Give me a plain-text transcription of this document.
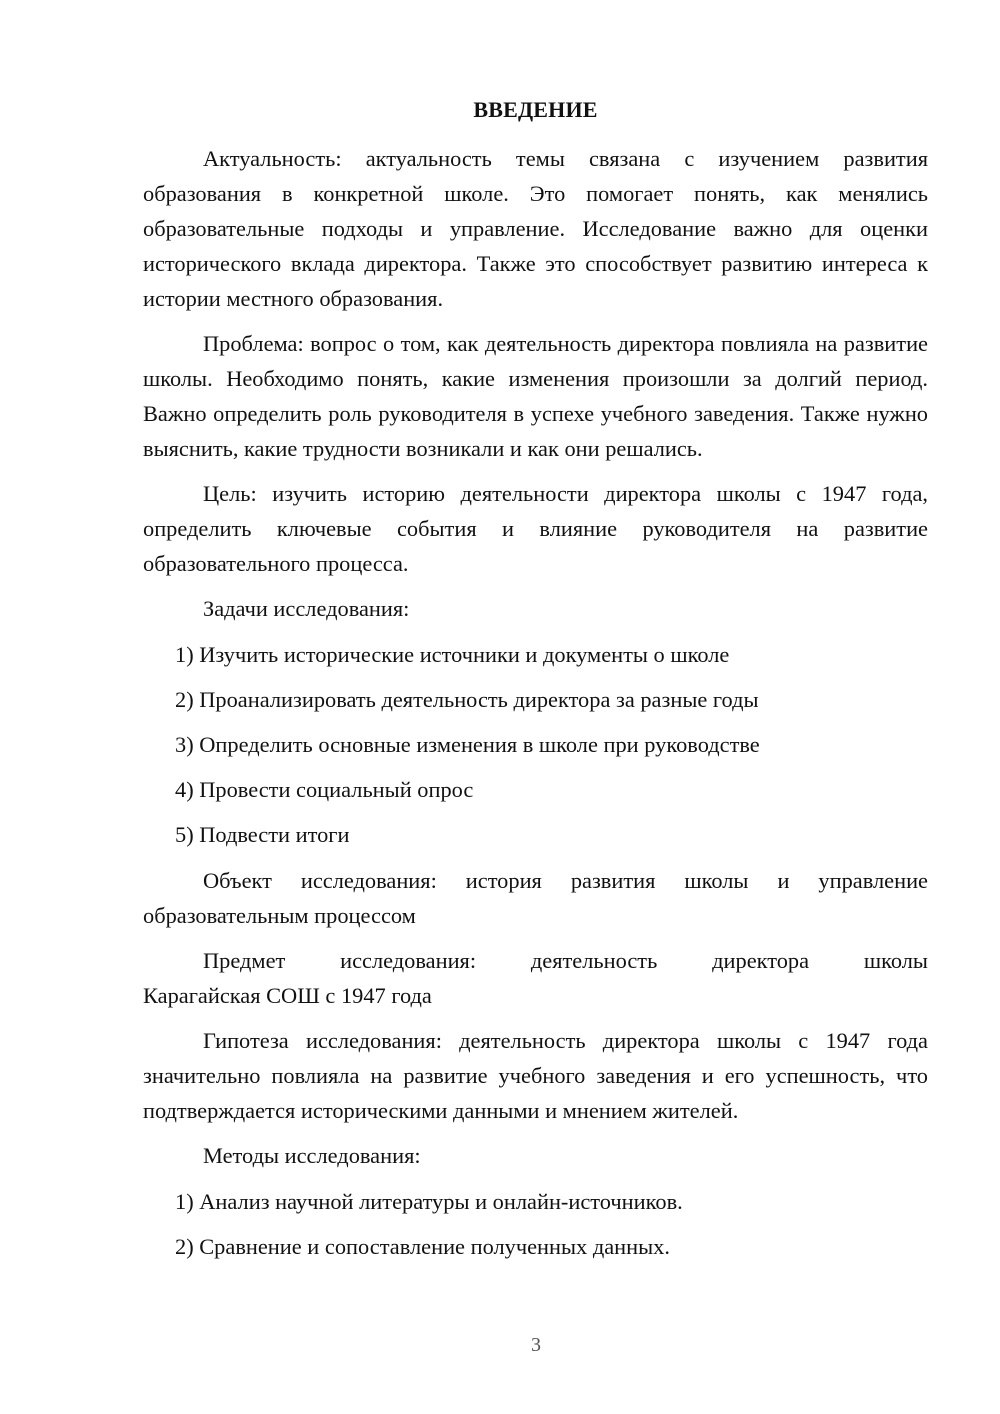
ВВЕДЕНИЕ

Актуальность: актуальность темы связана с изучением развития образования в конкретной школе. Это помогает понять, как менялись образовательные подходы и управление. Исследование важно для оценки исторического вклада директора. Также это способствует развитию интереса к истории местного образования.

Проблема: вопрос о том, как деятельность директора повлияла на развитие школы. Необходимо понять, какие изменения произошли за долгий период. Важно определить роль руководителя в успехе учебного заведения. Также нужно выяснить, какие трудности возникали и как они решались.

Цель: изучить историю деятельности директора школы с 1947 года, определить ключевые события и влияние руководителя на развитие образовательного процесса.

Задачи исследования:

1) Изучить исторические источники и документы о школе
2) Проанализировать деятельность директора за разные годы
3) Определить основные изменения в школе при руководстве
4) Провести социальный опрос
5) Подвести итоги

Объект исследования: история развития школы и управление образовательным процессом

Предмет исследования: деятельность директора школы
Карагайская СОШ с 1947 года

Гипотеза исследования: деятельность директора школы с 1947 года значительно повлияла на развитие учебного заведения и его успешность, что подтверждается историческими данными и мнением жителей.

Методы исследования:

1) Анализ научной литературы и онлайн-источников.
2) Сравнение и сопоставление полученных данных.
3
